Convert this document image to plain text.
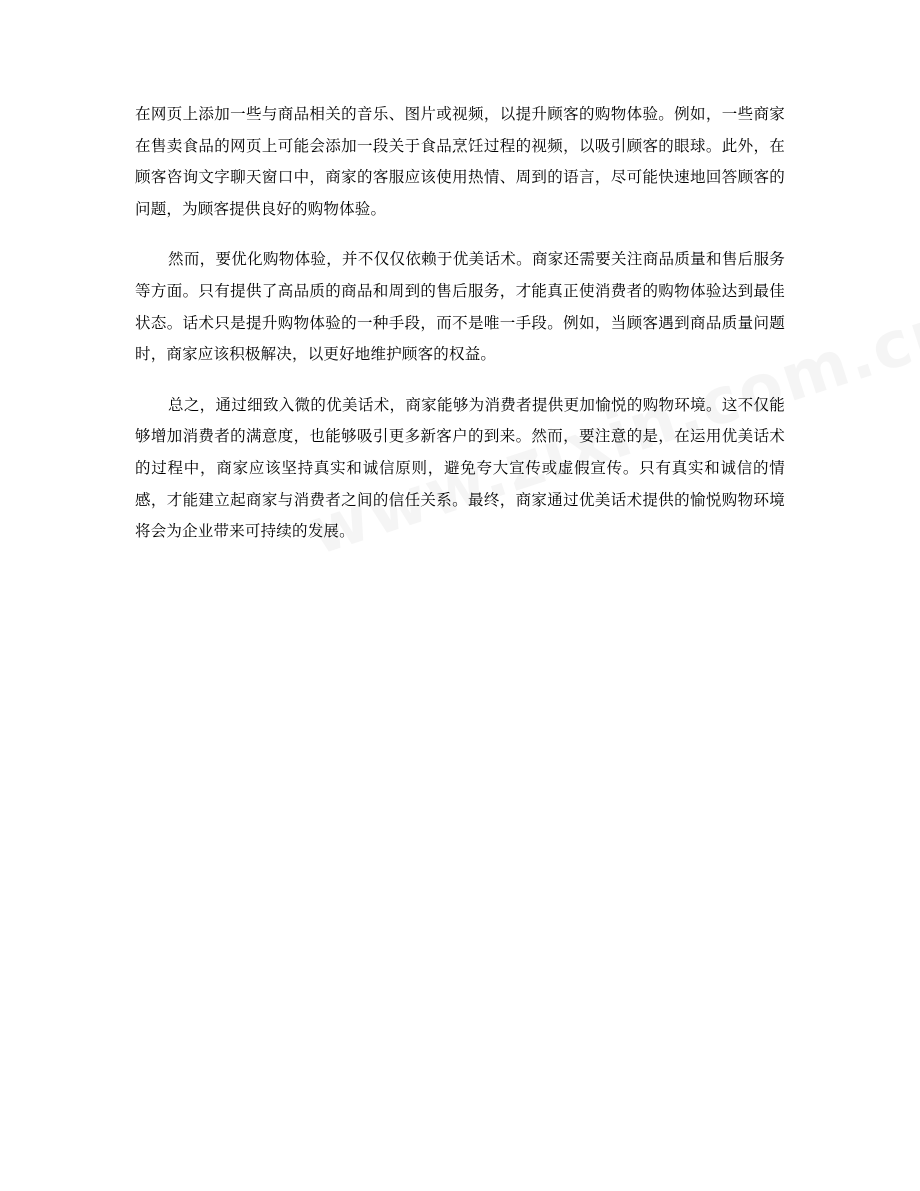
在网页上添加一些与商品相关的音乐、图片或视频，以提升顾客的购物体验。例如，一些商家在售卖食品的网页上可能会添加一段关于食品烹饪过程的视频，以吸引顾客的眼球。此外，在顾客咨询文字聊天窗口中，商家的客服应该使用热情、周到的语言，尽可能快速地回答顾客的问题，为顾客提供良好的购物体验。

然而，要优化购物体验，并不仅仅依赖于优美话术。商家还需要关注商品质量和售后服务等方面。只有提供了高品质的商品和周到的售后服务，才能真正使消费者的购物体验达到最佳状态。话术只是提升购物体验的一种手段，而不是唯一手段。例如，当顾客遇到商品质量问题时，商家应该积极解决，以更好地维护顾客的权益。

总之，通过细致入微的优美话术，商家能够为消费者提供更加愉悦的购物环境。这不仅能够增加消费者的满意度，也能够吸引更多新客户的到来。然而，要注意的是，在运用优美话术的过程中，商家应该坚持真实和诚信原则，避免夸大宣传或虚假宣传。只有真实和诚信的情感，才能建立起商家与消费者之间的信任关系。最终，商家通过优美话术提供的愉悦购物环境将会为企业带来可持续的发展。
